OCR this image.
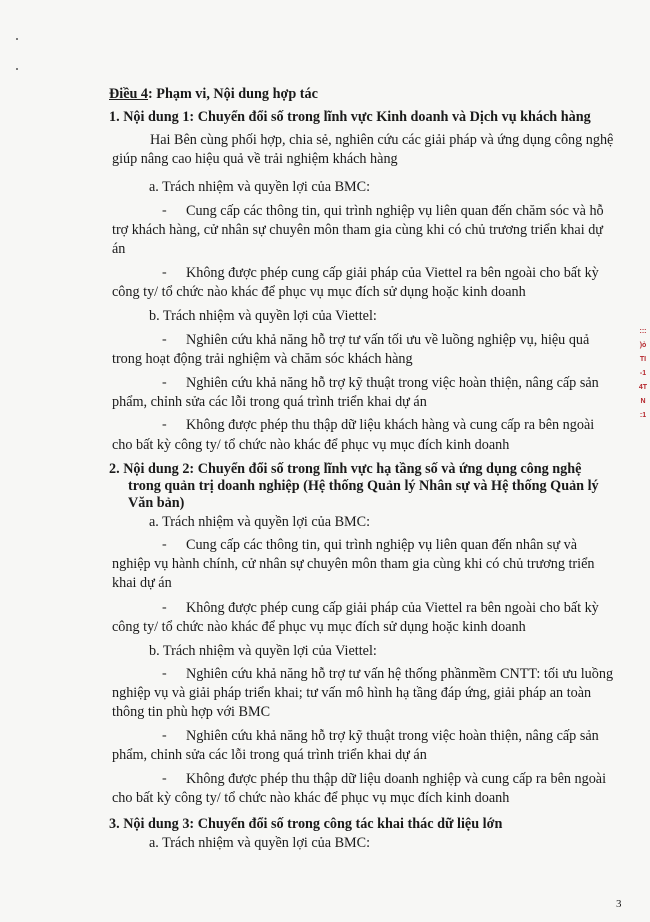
Điều 4: Phạm vi, Nội dung hợp tác
1. Nội dung 1: Chuyển đổi số trong lĩnh vực Kinh doanh và Dịch vụ khách hàng
Hai Bên cùng phối hợp, chia sẻ, nghiên cứu các giải pháp và ứng dụng công nghệ
giúp nâng cao hiệu quả về trải nghiệm khách hàng
a. Trách nhiệm và quyền lợi của BMC:
- Cung cấp các thông tin, qui trình nghiệp vụ liên quan đến chăm sóc và hỗ
trợ khách hàng, cử nhân sự chuyên môn tham gia cùng khi có chủ trương triển khai dự
án
- Không được phép cung cấp giải pháp của Viettel ra bên ngoài cho bất kỳ
công ty/ tổ chức nào khác để phục vụ mục đích sử dụng hoặc kinh doanh
b. Trách nhiệm và quyền lợi của Viettel:
- Nghiên cứu khả năng hỗ trợ tư vấn tối ưu về luồng nghiệp vụ, hiệu quả
trong hoạt động trải nghiệm và chăm sóc khách hàng
- Nghiên cứu khả năng hỗ trợ kỹ thuật trong việc hoàn thiện, nâng cấp sản
phẩm, chỉnh sửa các lỗi trong quá trình triển khai dự án
- Không được phép thu thập dữ liệu khách hàng và cung cấp ra bên ngoài
cho bất kỳ công ty/ tổ chức nào khác để phục vụ mục đích kinh doanh
2. Nội dung 2: Chuyển đổi số trong lĩnh vực hạ tầng số và ứng dụng công nghệ
trong quản trị doanh nghiệp (Hệ thống Quản lý Nhân sự và Hệ thống Quản lý
Văn bản)
a. Trách nhiệm và quyền lợi của BMC:
- Cung cấp các thông tin, qui trình nghiệp vụ liên quan đến nhân sự và
nghiệp vụ hành chính, cử nhân sự chuyên môn tham gia cùng khi có chủ trương triển
khai dự án
- Không được phép cung cấp giải pháp của Viettel ra bên ngoài cho bất kỳ
công ty/ tổ chức nào khác để phục vụ mục đích sử dụng hoặc kinh doanh
b. Trách nhiệm và quyền lợi của Viettel:
- Nghiên cứu khả năng hỗ trợ tư vấn hệ thống phầnmềm CNTT: tối ưu luồng
nghiệp vụ và giải pháp triển khai; tư vấn mô hình hạ tầng đáp ứng, giải pháp an toàn
thông tin phù hợp với BMC
- Nghiên cứu khả năng hỗ trợ kỹ thuật trong việc hoàn thiện, nâng cấp sản
phẩm, chỉnh sửa các lỗi trong quá trình triển khai dự án
- Không được phép thu thập dữ liệu doanh nghiệp và cung cấp ra bên ngoài
cho bất kỳ công ty/ tổ chức nào khác để phục vụ mục đích kinh doanh
3. Nội dung 3: Chuyển đổi số trong công tác khai thác dữ liệu lớn
a. Trách nhiệm và quyền lợi của BMC:
:::
)ỏ
TI
-1
4T
N
:1
3
